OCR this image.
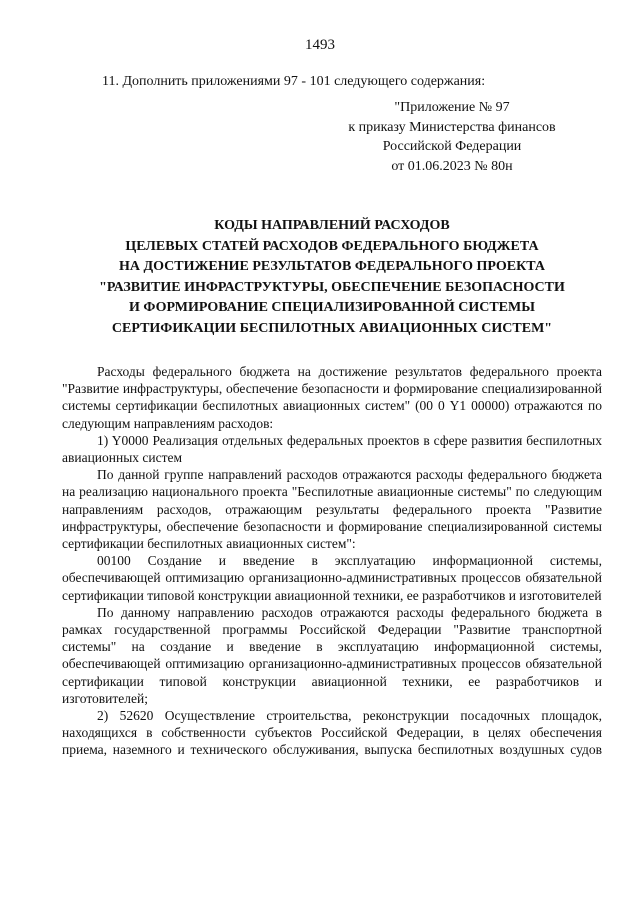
1493
11. Дополнить приложениями 97 - 101 следующего содержания:
"Приложение № 97
к приказу Министерства финансов
Российской Федерации
от 01.06.2023 № 80н
КОДЫ НАПРАВЛЕНИЙ РАСХОДОВ
ЦЕЛЕВЫХ СТАТЕЙ РАСХОДОВ ФЕДЕРАЛЬНОГО БЮДЖЕТА
НА ДОСТИЖЕНИЕ РЕЗУЛЬТАТОВ ФЕДЕРАЛЬНОГО ПРОЕКТА
"РАЗВИТИЕ ИНФРАСТРУКТУРЫ, ОБЕСПЕЧЕНИЕ БЕЗОПАСНОСТИ
И ФОРМИРОВАНИЕ СПЕЦИАЛИЗИРОВАННОЙ СИСТЕМЫ
СЕРТИФИКАЦИИ БЕСПИЛОТНЫХ АВИАЦИОННЫХ СИСТЕМ"

Расходы федерального бюджета на достижение результатов федерального проекта "Развитие инфраструктуры, обеспечение безопасности и формирование специализированной системы сертификации беспилотных авиационных систем" (00 0 Y1 00000) отражаются по следующим направлениям расходов:

1) Y0000 Реализация отдельных федеральных проектов в сфере развития беспилотных авиационных систем

По данной группе направлений расходов отражаются расходы федерального бюджета на реализацию национального проекта "Беспилотные авиационные системы" по следующим направлениям расходов, отражающим результаты федерального проекта "Развитие инфраструктуры, обеспечение безопасности и формирование специализированной системы сертификации беспилотных авиационных систем":

00100 Создание и введение в эксплуатацию информационной системы, обеспечивающей оптимизацию организационно-административных процессов обязательной сертификации типовой конструкции авиационной техники, ее разработчиков и изготовителей

По данному направлению расходов отражаются расходы федерального бюджета в рамках государственной программы Российской Федерации "Развитие транспортной системы" на создание и введение в эксплуатацию информационной системы, обеспечивающей оптимизацию организационно-административных процессов обязательной сертификации типовой конструкции авиационной техники, ее разработчиков и изготовителей;

2) 52620 Осуществление строительства, реконструкции посадочных площадок, находящихся в собственности субъектов Российской Федерации, в целях обеспечения приема, наземного и технического обслуживания, выпуска беспилотных воздушных судов
